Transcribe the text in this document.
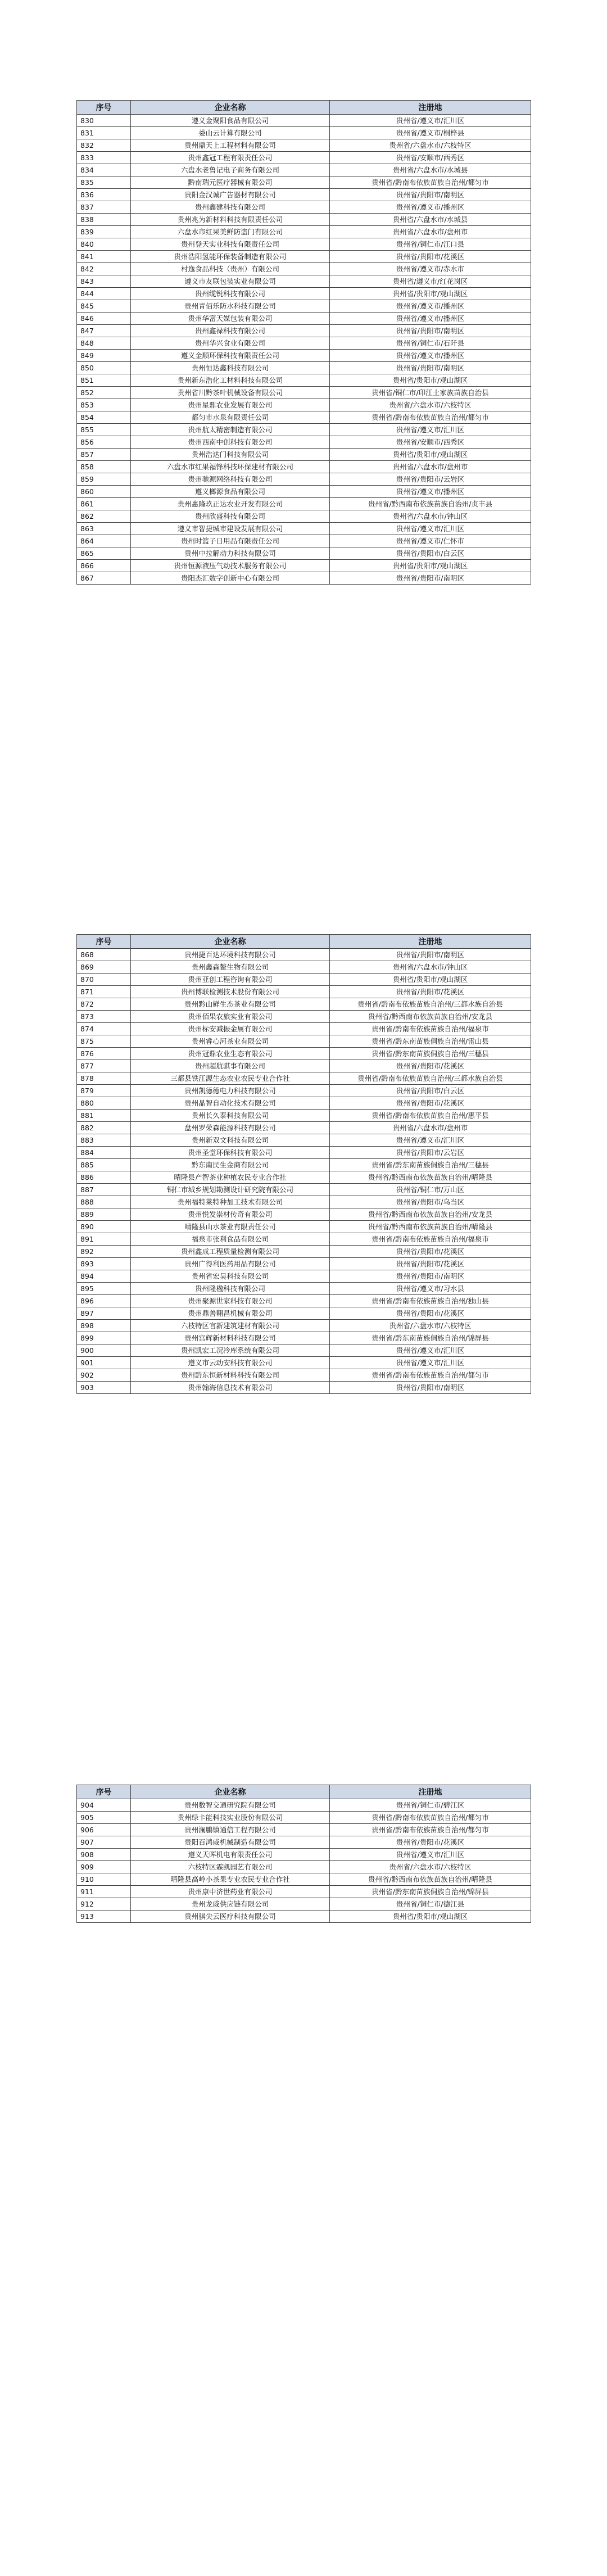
序号	企业名称	注册地
830	遵义金聚阳食品有限公司	贵州省/遵义市/汇川区
831	娄山云计算有限公司	贵州省/遵义市/桐梓县
832	贵州鼎天上工程材料有限公司	贵州省/六盘水市/六枝特区
833	贵州鑫冠工程有限责任公司	贵州省/安顺市/西秀区
834	六盘水老鲁记电子商务有限公司	贵州省/六盘水市/水城县
835	黔南瑞元医疗器械有限公司	贵州省/黔南布依族苗族自治州/都匀市
836	贵阳金汉诚广告器材有限公司	贵州省/贵阳市/南明区
837	贵州鑫建科技有限公司	贵州省/遵义市/播州区
838	贵州兆为新材料科技有限责任公司	贵州省/六盘水市/水城县
839	六盘水市红果美鲜防盗门有限公司	贵州省/六盘水市/盘州市
840	贵州登天实业科技有限责任公司	贵州省/铜仁市/江口县
841	贵州浩阳氢能环保装备制造有限公司	贵州省/贵阳市/花溪区
842	村逸食品科技（贵州）有限公司	贵州省/遵义市/赤水市
843	遵义市友联包装实业有限公司	贵州省/遵义市/红花岗区
844	贵州缆锐科技有限公司	贵州省/贵阳市/观山湖区
845	贵州青佰乐防水科技有限公司	贵州省/遵义市/播州区
846	贵州华富天媒包装有限公司	贵州省/遵义市/播州区
847	贵州鑫禄科技有限公司	贵州省/贵阳市/南明区
848	贵州华兴食业有限公司	贵州省/铜仁市/石阡县
849	遵义金顺环保科技有限责任公司	贵州省/遵义市/播州区
850	贵州恒达鑫科技有限公司	贵州省/贵阳市/南明区
851	贵州新东浩化工材料科技有限公司	贵州省/贵阳市/观山湖区
852	贵州省川黔茶叶机械设备有限公司	贵州省/铜仁市/印江土家族苗族自治县
853	贵州星鼎农业发展有限公司	贵州省/六盘水市/六枝特区
854	都匀市水泉有限责任公司	贵州省/黔南布依族苗族自治州/都匀市
855	贵州航太精密制造有限公司	贵州省/遵义市/汇川区
856	贵州西南中创科技有限公司	贵州省/安顺市/西秀区
857	贵州浩达门科技有限公司	贵州省/贵阳市/观山湖区
858	六盘水市红果福锋科技环保建材有限公司	贵州省/六盘水市/盘州市
859	贵州驰源网络科技有限公司	贵州省/贵阳市/云岩区
860	遵义榔源食品有限公司	贵州省/遵义市/播州区
861	贵州惠隆玖正达农业开发有限公司	贵州省/黔西南布依族苗族自治州/贞丰县
862	贵州欣盛科技有限公司	贵州省/六盘水市/钟山区
863	遵义市智捷城市建设发展有限公司	贵州省/遵义市/汇川区
864	贵州时篮子日用品有限责任公司	贵州省/遵义市/仁怀市
865	贵州中拉解动力科技有限公司	贵州省/贵阳市/白云区
866	贵州恒源液压气动技术服务有限公司	贵州省/贵阳市/观山湖区
867	贵阳杰汇数字创新中心有限公司	贵州省/贵阳市/南明区
序号	企业名称	注册地
868	贵州捷百达环境科技有限公司	贵州省/贵阳市/南明区
869	贵州鑫森鳌生物有限公司	贵州省/六盘水市/钟山区
870	贵州亚创工程咨询有限公司	贵州省/贵阳市/观山湖区
871	贵州博联检测技术股份有限公司	贵州省/贵阳市/花溪区
872	贵州黔山鲜生态茶业有限公司	贵州省/黔南布依族苗族自治州/三都水族自治县
873	贵州佰果农旅实业有限公司	贵州省/黔西南布依族苗族自治州/安龙县
874	贵州标安减振金属有限公司	贵州省/黔南布依族苗族自治州/福泉市
875	贵州睿心河茶业有限公司	贵州省/黔东南苗族侗族自治州/雷山县
876	贵州冠鼎农业生态有限公司	贵州省/黔东南苗族侗族自治州/三穗县
877	贵州超航骐事有限公司	贵州省/贵阳市/花溪区
878	三都县铁江源生态农业农民专业合作社	贵州省/黔南布依族苗族自治州/三都水族自治县
879	贵州凯德德电力科技有限公司	贵州省/贵阳市/白云区
880	贵州晶智自动化技术有限公司	贵州省/贵阳市/花溪区
881	贵州长久泰科技有限公司	贵州省/黔南布依族苗族自治州/惠平县
882	盘州罗荣森能源科技有限公司	贵州省/六盘水市/盘州市
883	贵州新双文科技有限公司	贵州省/遵义市/汇川区
884	贵州圣堂环保科技有限公司	贵州省/贵阳市/云岩区
885	黔东南民生金商有限公司	贵州省/黔东南苗族侗族自治州/三穗县
886	晴隆县产智茶业种植农民专业合作社	贵州省/黔西南布依族苗族自治州/晴隆县
887	铜仁市城乡规划勘测设计研究院有限公司	贵州省/铜仁市/万山区
888	贵州福特莱特种加工技术有限公司	贵州省/贵阳市/乌当区
889	贵州悦发崇材传奇有限公司	贵州省/黔西南布依族苗族自治州/安龙县
890	晴隆县山水茶业有限责任公司	贵州省/黔西南布依族苗族自治州/晴隆县
891	福泉市张利食品有限公司	贵州省/黔南布依族苗族自治州/福泉市
892	贵州鑫成工程质量检测有限公司	贵州省/贵阳市/花溪区
893	贵州广得利医药用品有限公司	贵州省/贵阳市/花溪区
894	贵州省宏昊科技有限公司	贵州省/贵阳市/南明区
895	贵州隆楹科技有限公司	贵州省/遵义市/习水县
896	贵州聚源世家科技有限公司	贵州省/黔南布依族苗族自治州/独山县
897	贵州鼎善翱昌机械有限公司	贵州省/贵阳市/花溪区
898	六枝特区官新建筑建材有限公司	贵州省/六盘水市/六枝特区
899	贵州宫辉新材料科技有限公司	贵州省/黔东南苗族侗族自治州/锦屏县
900	贵州凯宏工况冷库系统有限公司	贵州省/遵义市/汇川区
901	遵义市云动安科技有限公司	贵州省/遵义市/汇川区
902	贵州黔东恒新材料科技有限公司	贵州省/黔南布依族苗族自治州/都匀市
903	贵州翰海信息技术有限公司	贵州省/贵阳市/南明区
序号	企业名称	注册地
904	贵州数智交通研究院有限公司	贵州省/铜仁市/碧江区
905	贵州绿卡能科技实业股份有限公司	贵州省/黔南布依族苗族自治州/都匀市
906	贵州澜鹏镇通信工程有限公司	贵州省/黔南布依族苗族自治州/都匀市
907	贵阳百鸿威机械制造有限公司	贵州省/贵阳市/花溪区
908	遵义天晖机电有限责任公司	贵州省/遵义市/汇川区
909	六枝特区霖凯园艺有限公司	贵州省/六盘水市/六枝特区
910	晴隆县高岭小茶果专业农民专业合作社	贵州省/黔西南布依族苗族自治州/晴隆县
911	贵州康中济世药业有限公司	贵州省/黔东南苗族侗族自治州/锦屏县
912	贵州龙威供应链有限公司	贵州省/铜仁市/德江县
913	贵州骐尖云医疗科技有限公司	贵州省/贵阳市/观山湖区
